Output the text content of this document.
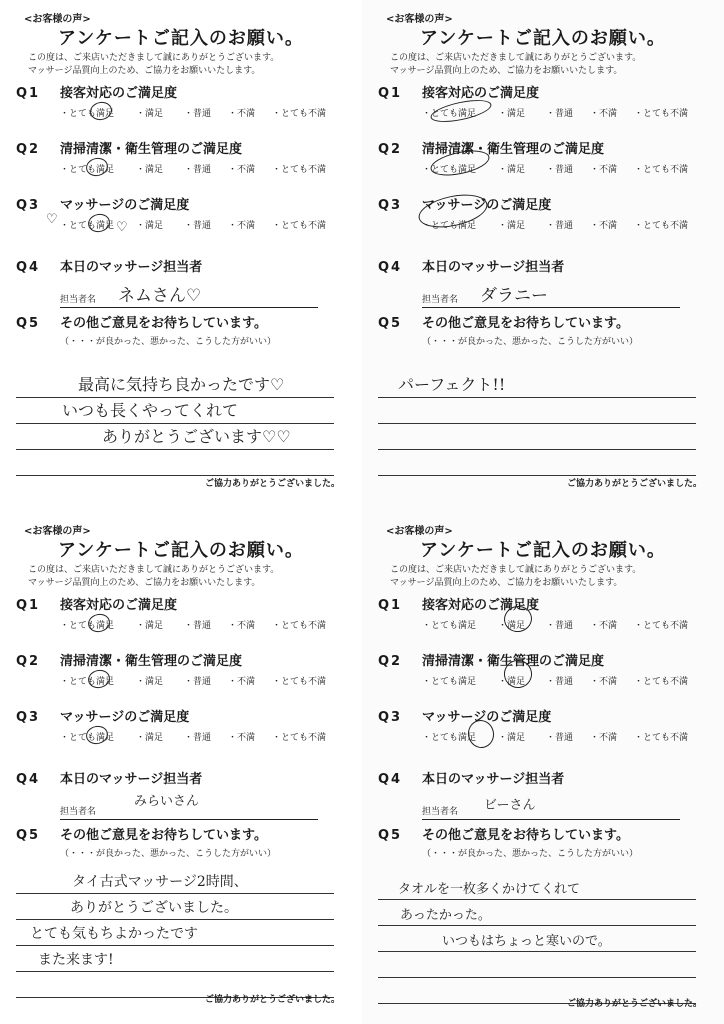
<お客様の声>
アンケートご記入のお願い。
この度は、ご来店いただきまして誠にありがとうございます。
マッサージ品質向上のため、ご協力をお願いいたします。
Q1 接客対応のご満足度
・とても満足 ・満足 ・普通 ・不満 ・とても不満
Q2 清掃清潔・衛生管理のご満足度
・とても満足 ・満足 ・普通 ・不満 ・とても不満
Q3 マッサージのご満足度
・とても満足 ・満足 ・普通 ・不満 ・とても不満
♡
♡
Q4 本日のマッサージ担当者
担当者名 ネムさん♡
Q5 その他ご意見をお待ちしています。
（・・・が良かった、悪かった、こうした方がいい）
最高に気持ち良かったです♡
いつも長くやってくれて
ありがとうございます♡♡
ご協力ありがとうございました。
<お客様の声>
アンケートご記入のお願い。
この度は、ご来店いただきまして誠にありがとうございます。
マッサージ品質向上のため、ご協力をお願いいたします。
Q1 接客対応のご満足度
・とても満足 ・満足 ・普通 ・不満 ・とても不満
Q2 清掃清潔・衛生管理のご満足度
・とても満足 ・満足 ・普通 ・不満 ・とても不満
Q3 マッサージのご満足度
・とても満足 ・満足 ・普通 ・不満 ・とても不満
Q4 本日のマッサージ担当者
担当者名 ダラニー
Q5 その他ご意見をお待ちしています。
（・・・が良かった、悪かった、こうした方がいい）
パーフェクト!!
ご協力ありがとうございました。
<お客様の声>
アンケートご記入のお願い。
この度は、ご来店いただきまして誠にありがとうございます。
マッサージ品質向上のため、ご協力をお願いいたします。
Q1 接客対応のご満足度
・とても満足 ・満足 ・普通 ・不満 ・とても不満
Q2 清掃清潔・衛生管理のご満足度
・とても満足 ・満足 ・普通 ・不満 ・とても不満
Q3 マッサージのご満足度
・とても満足 ・満足 ・普通 ・不満 ・とても不満
Q4 本日のマッサージ担当者
担当者名
みらいさん
Q5 その他ご意見をお待ちしています。
（・・・が良かった、悪かった、こうした方がいい）
タイ古式マッサージ2時間、
ありがとうございました。
とても気もちよかったです
また来ます!
ご協力ありがとうございました。
<お客様の声>
アンケートご記入のお願い。
この度は、ご来店いただきまして誠にありがとうございます。
マッサージ品質向上のため、ご協力をお願いいたします。
Q1 接客対応のご満足度
・とても満足 ・満足 ・普通 ・不満 ・とても不満
Q2 清掃清潔・衛生管理のご満足度
・とても満足 ・満足 ・普通 ・不満 ・とても不満
Q3 マッサージのご満足度
・とても満足 ・満足 ・普通 ・不満 ・とても不満
Q4 本日のマッサージ担当者
担当者名 ビーさん
Q5 その他ご意見をお待ちしています。
（・・・が良かった、悪かった、こうした方がいい）
タオルを一枚多くかけてくれて
あったかった。
いつもはちょっと寒いので。
ご協力ありがとうございました。
